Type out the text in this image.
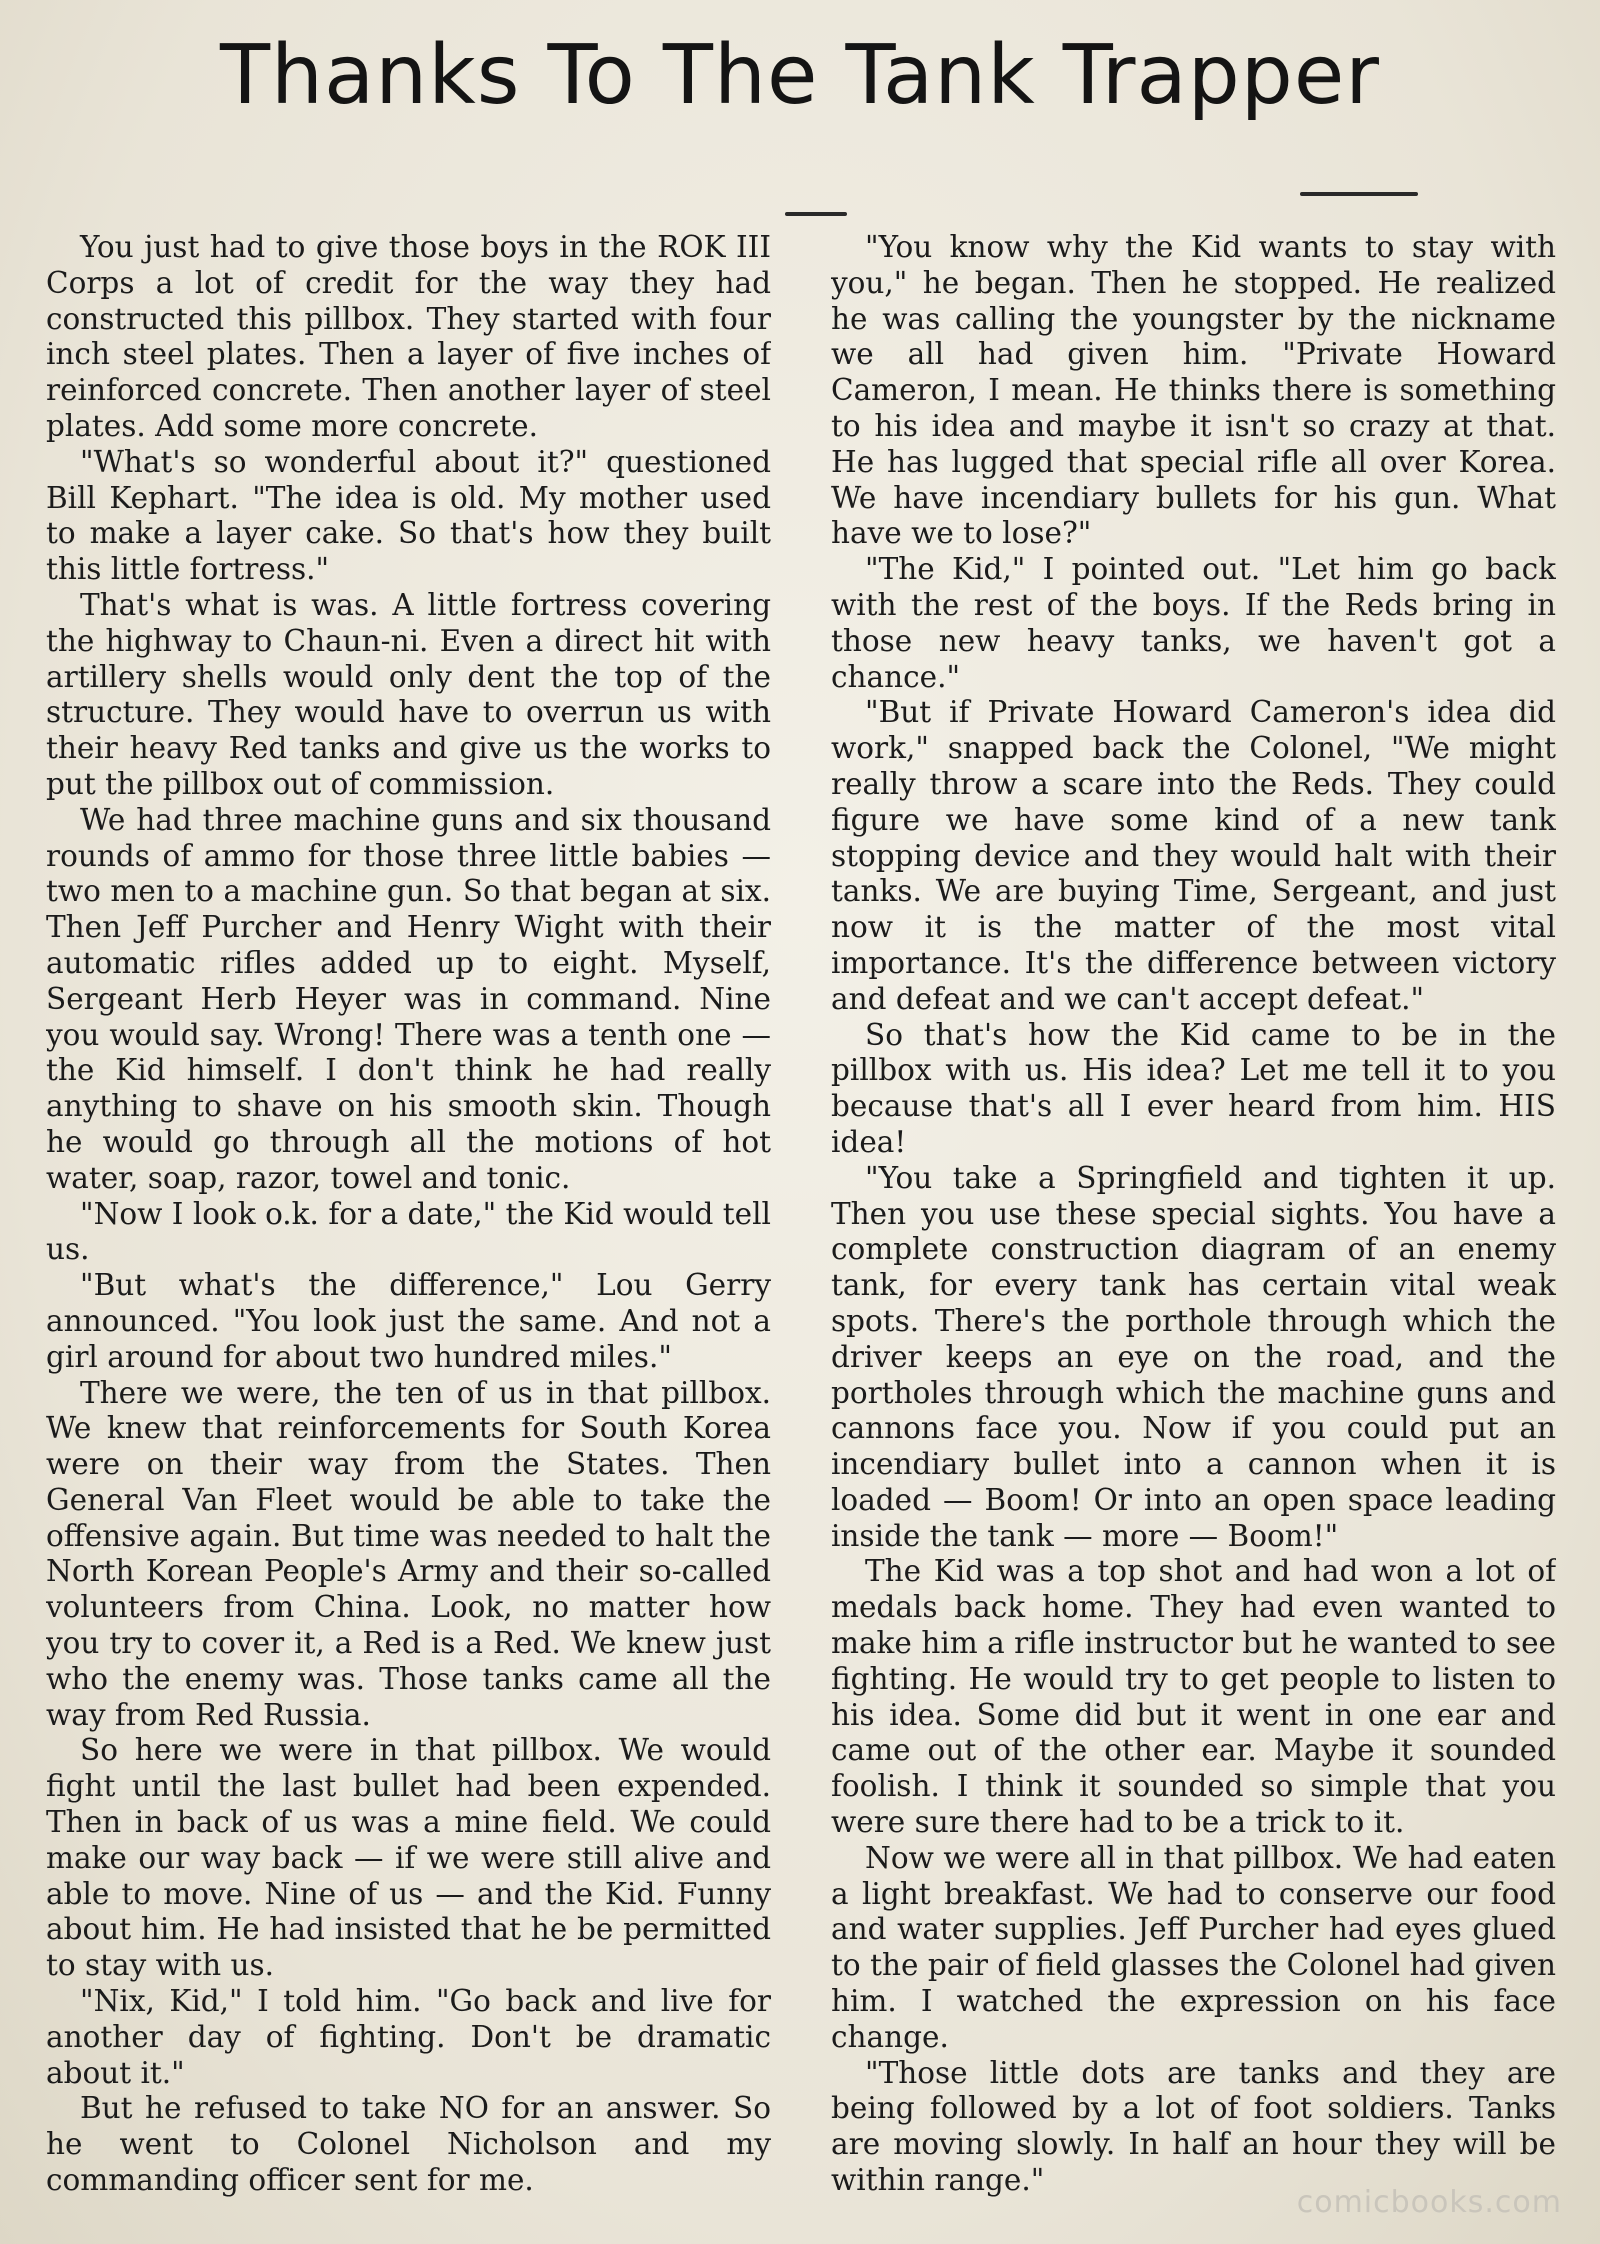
Thanks To The Tank Trapper

You just had to give those boys in the ROK III Corps a lot of credit for the way they had constructed this pillbox. They started with four inch steel plates. Then a layer of five inches of reinforced concrete. Then another layer of steel plates. Add some more concrete.

"What's so wonderful about it?" questioned Bill Kephart. "The idea is old. My mother used to make a layer cake. So that's how they built this little fortress."

That's what is was. A little fortress covering the highway to Chaun-ni. Even a direct hit with artillery shells would only dent the top of the structure. They would have to overrun us with their heavy Red tanks and give us the works to put the pillbox out of commission.

We had three machine guns and six thousand rounds of ammo for those three little babies — two men to a machine gun. So that began at six. Then Jeff Purcher and Henry Wight with their automatic rifles added up to eight. Myself, Sergeant Herb Heyer was in command. Nine you would say. Wrong! There was a tenth one — the Kid himself. I don't think he had really anything to shave on his smooth skin. Though he would go through all the motions of hot water, soap, razor, towel and tonic.

"Now I look o.k. for a date," the Kid would tell us.

"But what's the difference," Lou Gerry announced. "You look just the same. And not a girl around for about two hundred miles."

There we were, the ten of us in that pillbox. We knew that reinforcements for South Korea were on their way from the States. Then General Van Fleet would be able to take the offensive again. But time was needed to halt the North Korean People's Army and their so-called volunteers from China. Look, no matter how you try to cover it, a Red is a Red. We knew just who the enemy was. Those tanks came all the way from Red Russia.

So here we were in that pillbox. We would fight until the last bullet had been expended. Then in back of us was a mine field. We could make our way back — if we were still alive and able to move. Nine of us — and the Kid. Funny about him. He had insisted that he be permitted to stay with us.

"Nix, Kid," I told him. "Go back and live for another day of fighting. Don't be dramatic about it."

But he refused to take NO for an answer. So he went to Colonel Nicholson and my commanding officer sent for me.

"You know why the Kid wants to stay with you," he began. Then he stopped. He realized he was calling the youngster by the nickname we all had given him. "Private Howard Cameron, I mean. He thinks there is something to his idea and maybe it isn't so crazy at that. He has lugged that special rifle all over Korea. We have incendiary bullets for his gun. What have we to lose?"

"The Kid," I pointed out. "Let him go back with the rest of the boys. If the Reds bring in those new heavy tanks, we haven't got a chance."

"But if Private Howard Cameron's idea did work," snapped back the Colonel, "We might really throw a scare into the Reds. They could figure we have some kind of a new tank stopping device and they would halt with their tanks. We are buying Time, Sergeant, and just now it is the matter of the most vital importance. It's the difference between victory and defeat and we can't accept defeat."

So that's how the Kid came to be in the pillbox with us. His idea? Let me tell it to you because that's all I ever heard from him. HIS idea!

"You take a Springfield and tighten it up. Then you use these special sights. You have a complete construction diagram of an enemy tank, for every tank has certain vital weak spots. There's the porthole through which the driver keeps an eye on the road, and the portholes through which the machine guns and cannons face you. Now if you could put an incendiary bullet into a cannon when it is loaded — Boom! Or into an open space leading inside the tank — more — Boom!"

The Kid was a top shot and had won a lot of medals back home. They had even wanted to make him a rifle instructor but he wanted to see fighting. He would try to get people to listen to his idea. Some did but it went in one ear and came out of the other ear. Maybe it sounded foolish. I think it sounded so simple that you were sure there had to be a trick to it.

Now we were all in that pillbox. We had eaten a light breakfast. We had to conserve our food and water supplies. Jeff Purcher had eyes glued to the pair of field glasses the Colonel had given him. I watched the expression on his face change.

"Those little dots are tanks and they are being followed by a lot of foot soldiers. Tanks are moving slowly. In half an hour they will be within range."

comicbooks.com
